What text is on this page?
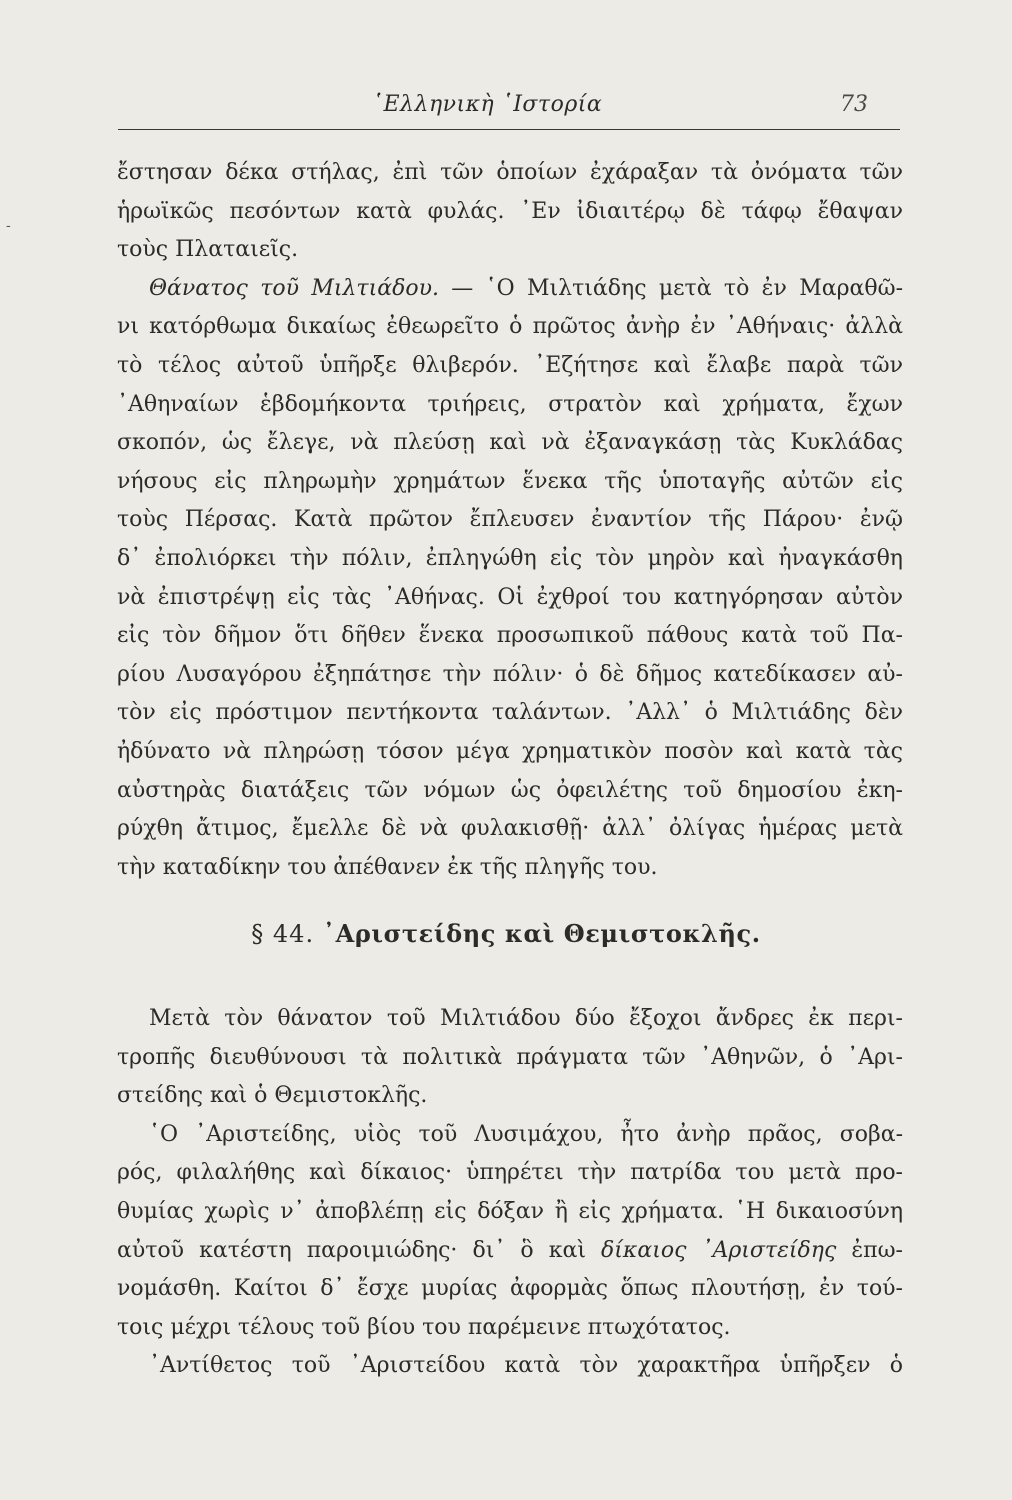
῾Ελληνικὴ ῾Ιστορία	73
-
ἔστησαν δέκα στήλας, ἐπὶ τῶν ὁποίων ἐχάραξαν τὰ ὀνόματα τῶν
ἡρωϊκῶς πεσόντων κατὰ φυλάς. ᾿Εν ἰδιαιτέρῳ δὲ τάφῳ ἔθαψαν
τοὺς Πλαταιεῖς.
Θάνατος τοῦ Μιλτιάδου. — ῾Ο Μιλτιάδης μετὰ τὸ ἐν Μαραθῶ-
νι κατόρθωμα δικαίως ἐθεωρεῖτο ὁ πρῶτος ἀνὴρ ἐν ᾿Αθήναις· ἀλλὰ
τὸ τέλος αὐτοῦ ὑπῆρξε θλιβερόν. ᾿Εζήτησε καὶ ἔλαβε παρὰ τῶν
᾿Αθηναίων ἑβδομήκοντα τριήρεις, στρατὸν καὶ χρήματα, ἔχων
σκοπόν, ὡς ἔλεγε, νὰ πλεύσῃ καὶ νὰ ἐξαναγκάσῃ τὰς Κυκλάδας
νήσους εἰς πληρωμὴν χρημάτων ἕνεκα τῆς ὑποταγῆς αὐτῶν εἰς
τοὺς Πέρσας. Κατὰ πρῶτον ἔπλευσεν ἐναντίον τῆς Πάρου· ἐνῷ
δ᾿ ἐπολιόρκει τὴν πόλιν, ἐπληγώθη εἰς τὸν μηρὸν καὶ ἠναγκάσθη
νὰ ἐπιστρέψῃ εἰς τὰς ᾿Αθήνας. Οἱ ἐχθροί του κατηγόρησαν αὐτὸν
εἰς τὸν δῆμον ὅτι δῆθεν ἕνεκα προσωπικοῦ πάθους κατὰ τοῦ Πα-
ρίου Λυσαγόρου ἐξηπάτησε τὴν πόλιν· ὁ δὲ δῆμος κατεδίκασεν αὐ-
τὸν εἰς πρόστιμον πεντήκοντα ταλάντων. ᾿Αλλ᾿ ὁ Μιλτιάδης δὲν
ἠδύνατο νὰ πληρώσῃ τόσον μέγα χρηματικὸν ποσὸν καὶ κατὰ τὰς
αὐστηρὰς διατάξεις τῶν νόμων ὡς ὀφειλέτης τοῦ δημοσίου ἐκη-
ρύχθη ἄτιμος, ἔμελλε δὲ νὰ φυλακισθῇ· ἀλλ᾿ ὀλίγας ἡμέρας μετὰ
τὴν καταδίκην του ἀπέθανεν ἐκ τῆς πληγῆς του.
§ 44. ᾿Αριστείδης καὶ Θεμιστοκλῆς.
Μετὰ τὸν θάνατον τοῦ Μιλτιάδου δύο ἔξοχοι ἄνδρες ἐκ περι-
τροπῆς διευθύνουσι τὰ πολιτικὰ πράγματα τῶν ᾿Αθηνῶν, ὁ ᾿Αρι-
στείδης καὶ ὁ Θεμιστοκλῆς.
῾Ο ᾿Αριστείδης, υἱὸς τοῦ Λυσιμάχου, ἦτο ἀνὴρ πρᾶος, σοβα-
ρός, φιλαλήθης καὶ δίκαιος· ὑπηρέτει τὴν πατρίδα του μετὰ προ-
θυμίας χωρὶς ν᾿ ἀποβλέπῃ εἰς δόξαν ἢ εἰς χρήματα. ῾Η δικαιοσύνη
αὐτοῦ κατέστη παροιμιώδης· δι᾿ ὃ καὶ δίκαιος ᾿Αριστείδης ἐπω-
νομάσθη. Καίτοι δ᾿ ἔσχε μυρίας ἀφορμὰς ὅπως πλουτήσῃ, ἐν τού-
τοις μέχρι τέλους τοῦ βίου του παρέμεινε πτωχότατος.
᾿Αντίθετος τοῦ ᾿Αριστείδου κατὰ τὸν χαρακτῆρα ὑπῆρξεν ὁ
